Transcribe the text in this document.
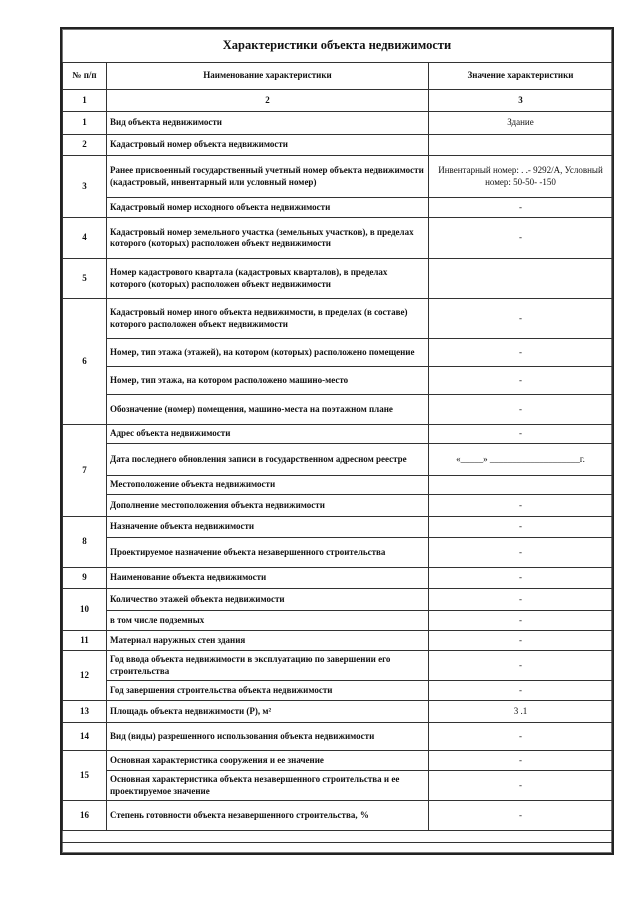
Характеристики объекта недвижимости
№ п/п	Наименование характеристики	Значение характеристики
1	2	3
1	Вид объекта недвижимости	Здание
2	Кадастровый номер объекта недвижимости	
3	Ранее присвоенный государственный учетный номер объекта недвижимости (кадастровый, инвентарный или условный номер)	Инвентарный номер: . .- 9292/А, Условный номер: 50-50- -150
	Кадастровый номер исходного объекта недвижимости	-
4	Кадастровый номер земельного участка (земельных участков), в пределах которого (которых) расположен объект недвижимости	-
5	Номер кадастрового квартала (кадастровых кварталов), в пределах которого (которых) расположен объект недвижимости	
6	Кадастровый номер иного объекта недвижимости, в пределах (в составе) которого расположен объект недвижимости	-
	Номер, тип этажа (этажей), на котором (которых) расположено помещение	-
	Номер, тип этажа, на котором расположено машино-место	-
	Обозначение (номер) помещения, машино-места на поэтажном плане	-
7	Адрес объекта недвижимости	-
	Дата последнего обновления записи в государственном адресном реестре	«_____» ____________________г.
	Местоположение объекта недвижимости	
	Дополнение местоположения объекта недвижимости	-
8	Назначение объекта недвижимости	-
	Проектируемое назначение объекта незавершенного строительства	-
9	Наименование объекта недвижимости	-
10	Количество этажей объекта недвижимости	-
	в том числе подземных	-
11	Материал наружных стен здания	-
12	Год ввода объекта недвижимости в эксплуатацию по завершении его строительства	-
	Год завершения строительства объекта недвижимости	-
13	Площадь объекта недвижимости (P), м²	3 .1
14	Вид (виды) разрешенного использования объекта недвижимости	-
15	Основная характеристика сооружения и ее значение	-
	Основная характеристика объекта незавершенного строительства и ее проектируемое значение	-
16	Степень готовности объекта незавершенного строительства, %	-
